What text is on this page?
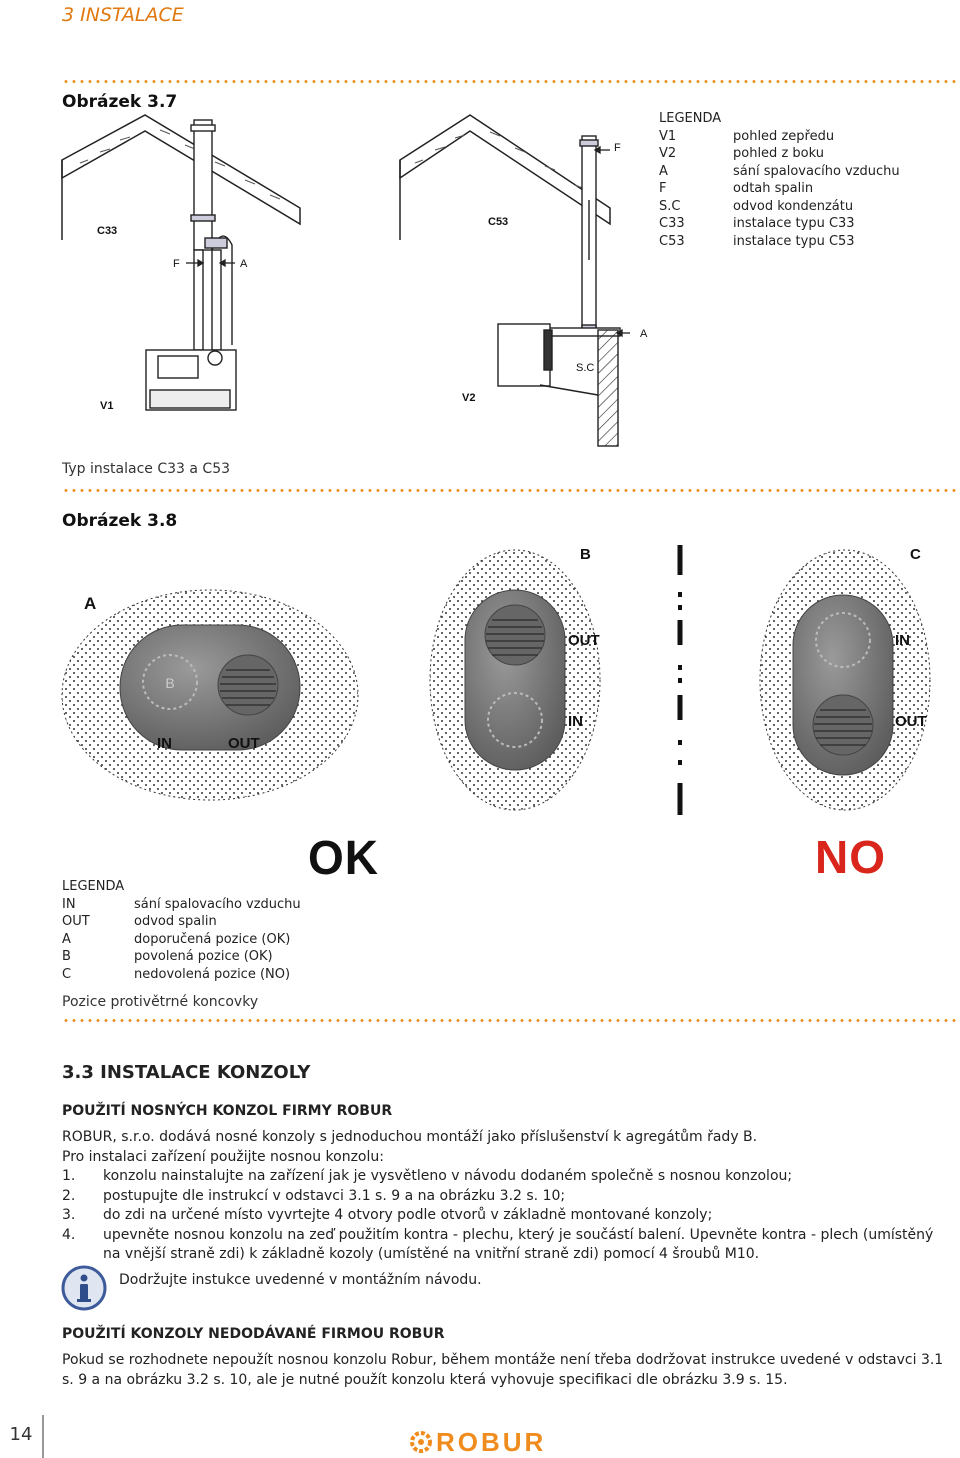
3 INSTALACE
Obrázek 3.7
C33
C53
F	A
F
A
S.C
V1
V2
LEGENDA
V1	pohled zepředu
V2	pohled z boku
A	sání spalovacího vzduchu
F	odtah spalin
S.C	odvod kondenzátu
C33	instalace typu C33
C53	instalace typu C53
Typ instalace C33 a C53
Obrázek 3.8
B
A
B	C
IN	OUT
OUT
IN
IN
OUT
OK	NO
LEGENDA
IN	sání spalovacího vzduchu
OUT	odvod spalin
A	doporučená pozice (OK)
B	povolená pozice (OK)
C	nedovolená pozice (NO)
Pozice protivětrné koncovky
3.3 INSTALACE KONZOLY
POUŽITÍ NOSNÝCH KONZOL FIRMY ROBUR
ROBUR, s.r.o. dodává nosné konzoly s jednoduchou montáží jako příslušenství k agregátům řady B.
Pro instalaci zařízení použijte nosnou konzolu:
1.	konzolu nainstalujte na zařízení jak je vysvětleno v návodu dodaném společně s nosnou konzolou;
2.	postupujte dle instrukcí v odstavci 3.1 s. 9 a na obrázku 3.2 s. 10;
3.	do zdi na určené místo vyvrtejte 4 otvory podle otvorů v základně montované konzoly;
4.	upevněte nosnou konzolu na zeď použitím kontra - plechu, který je součástí balení. Upevněte kontra - plech (umístěný na vnější straně zdi) k základně kozoly (umístěné na vnitřní straně zdi) pomocí 4 šroubů M10.
Dodržujte instukce uvedenné v montážním návodu.
POUŽITÍ KONZOLY NEDODÁVANÉ FIRMOU ROBUR
Pokud se rozhodnete nepoužít nosnou konzolu Robur, během montáže není třeba dodržovat instrukce uvedené v odstavci 3.1 s. 9 a na obrázku 3.2 s. 10, ale je nutné použít konzolu která vyhovuje specifikaci dle obrázku 3.9 s. 15.
14	ROBUR
